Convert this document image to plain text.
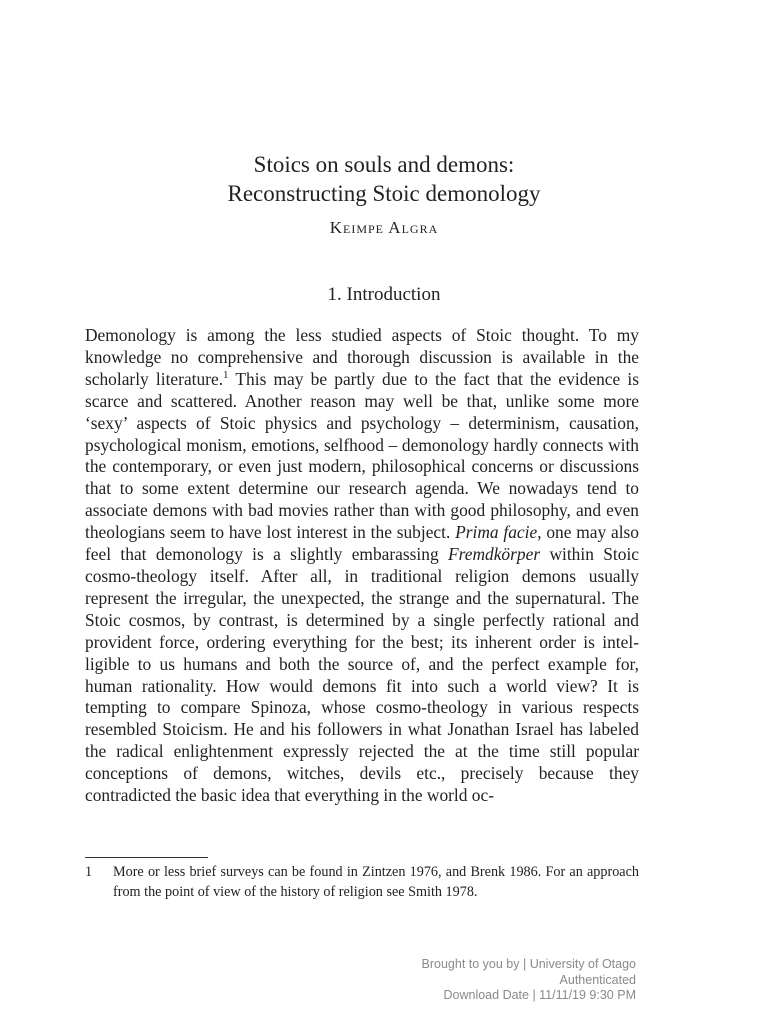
Stoics on souls and demons:
Reconstructing Stoic demonology
Keimpe Algra
1. Introduction

Demonology is among the less studied aspects of Stoic thought. To my knowledge no comprehensive and thorough discussion is available in the scholarly literature.$^1$ This may be partly due to the fact that the evidence is scarce and scattered. Another reason may well be that, unlike some more ‘sexy’ aspects of Stoic physics and psychology – determinism, causation, psychological monism, emotions, selfhood – demonology hardly connects with the contemporary, or even just modern, philosophical concerns or discussions that to some extent determine our research agenda. We nowadays tend to associate demons with bad movies rather than with good philosophy, and even theologians seem to have lost interest in the subject. Prima facie, one may also feel that demonology is a slightly embarassing Fremdkörper within Stoic cosmo-theology itself. After all, in traditional religion demons usually represent the irregular, the unexpected, the strange and the supernatural. The Stoic cosmos, by contrast, is determined by a single perfectly rational and provident force, ordering everything for the best; its inherent order is intelligible to us humans and both the source of, and the perfect example for, human rationality. How would demons fit into such a world view? It is tempting to compare Spinoza, whose cosmo-theology in various respects resembled Stoicism. He and his followers in what Jonathan Israel has labeled the radical enlightenment expressly rejected the at the time still popular conceptions of demons, witches, devils etc., precisely because they contradicted the basic idea that everything in the world oc-

1 More or less brief surveys can be found in Zintzen 1976, and Brenk 1986. For an approach from the point of view of the history of religion see Smith 1978.
Brought to you by | University of Otago
Authenticated
Download Date | 11/11/19 9:30 PM
